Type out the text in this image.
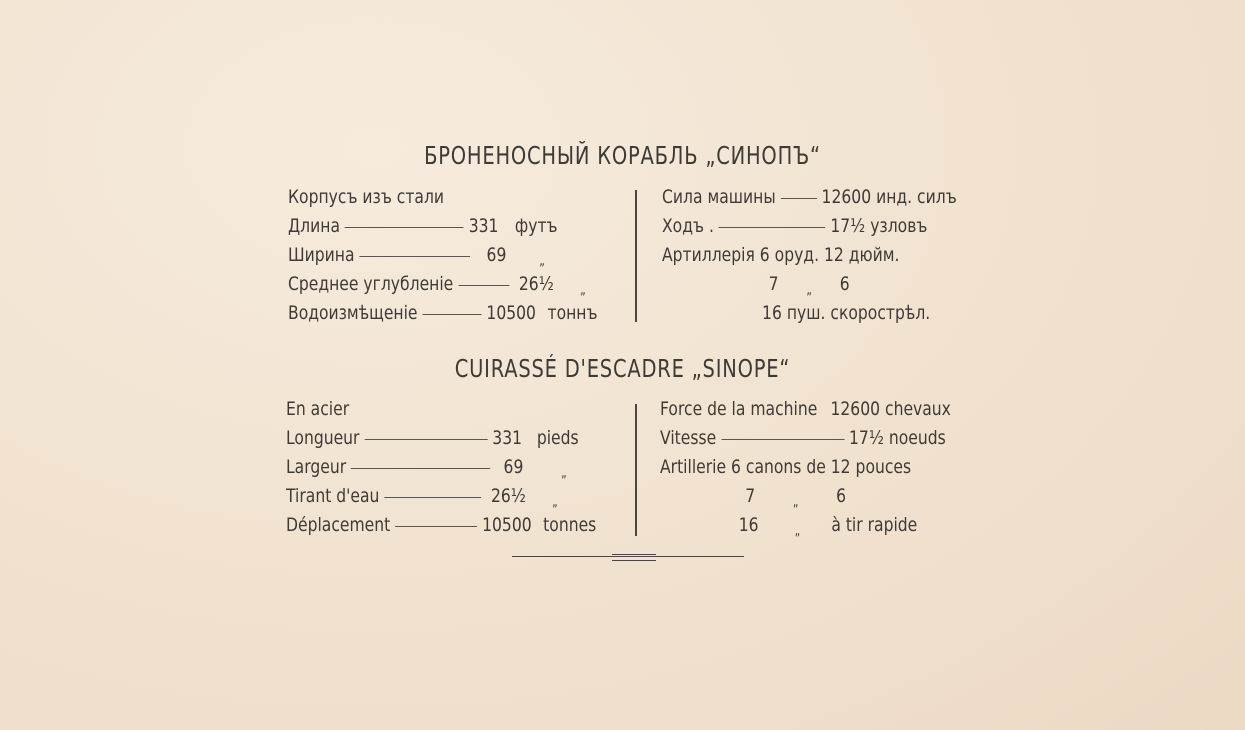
БРОНЕНОСНЫЙ КОРАБЛЬ „СИНОПЪ“
Корпусъ изъ стали
Длина	331 футъ
Ширина	69	„
Среднее углубленіе	26½ „
Водоизмѣщеніе	10500 тоннъ
Сила машины 12600 инд. силъ
Ходъ .	17½ узловъ
Артиллерія 6 оруд. 12 дюйм.
7 „ 6
16 пуш. скорострѣл.
CUIRASSÉ D'ESCADRE „SINOPE“
En acier
Longueur	331 pieds
Largeur	69	„
Tirant d'eau	26½ „
Déplacement	10500 tonnes
Force de la machine 12600 chevaux
Vitesse	17½ noeuds
Artillerie 6 canons de 12 pouces
7	„ 6
16	„ à tir rapide
